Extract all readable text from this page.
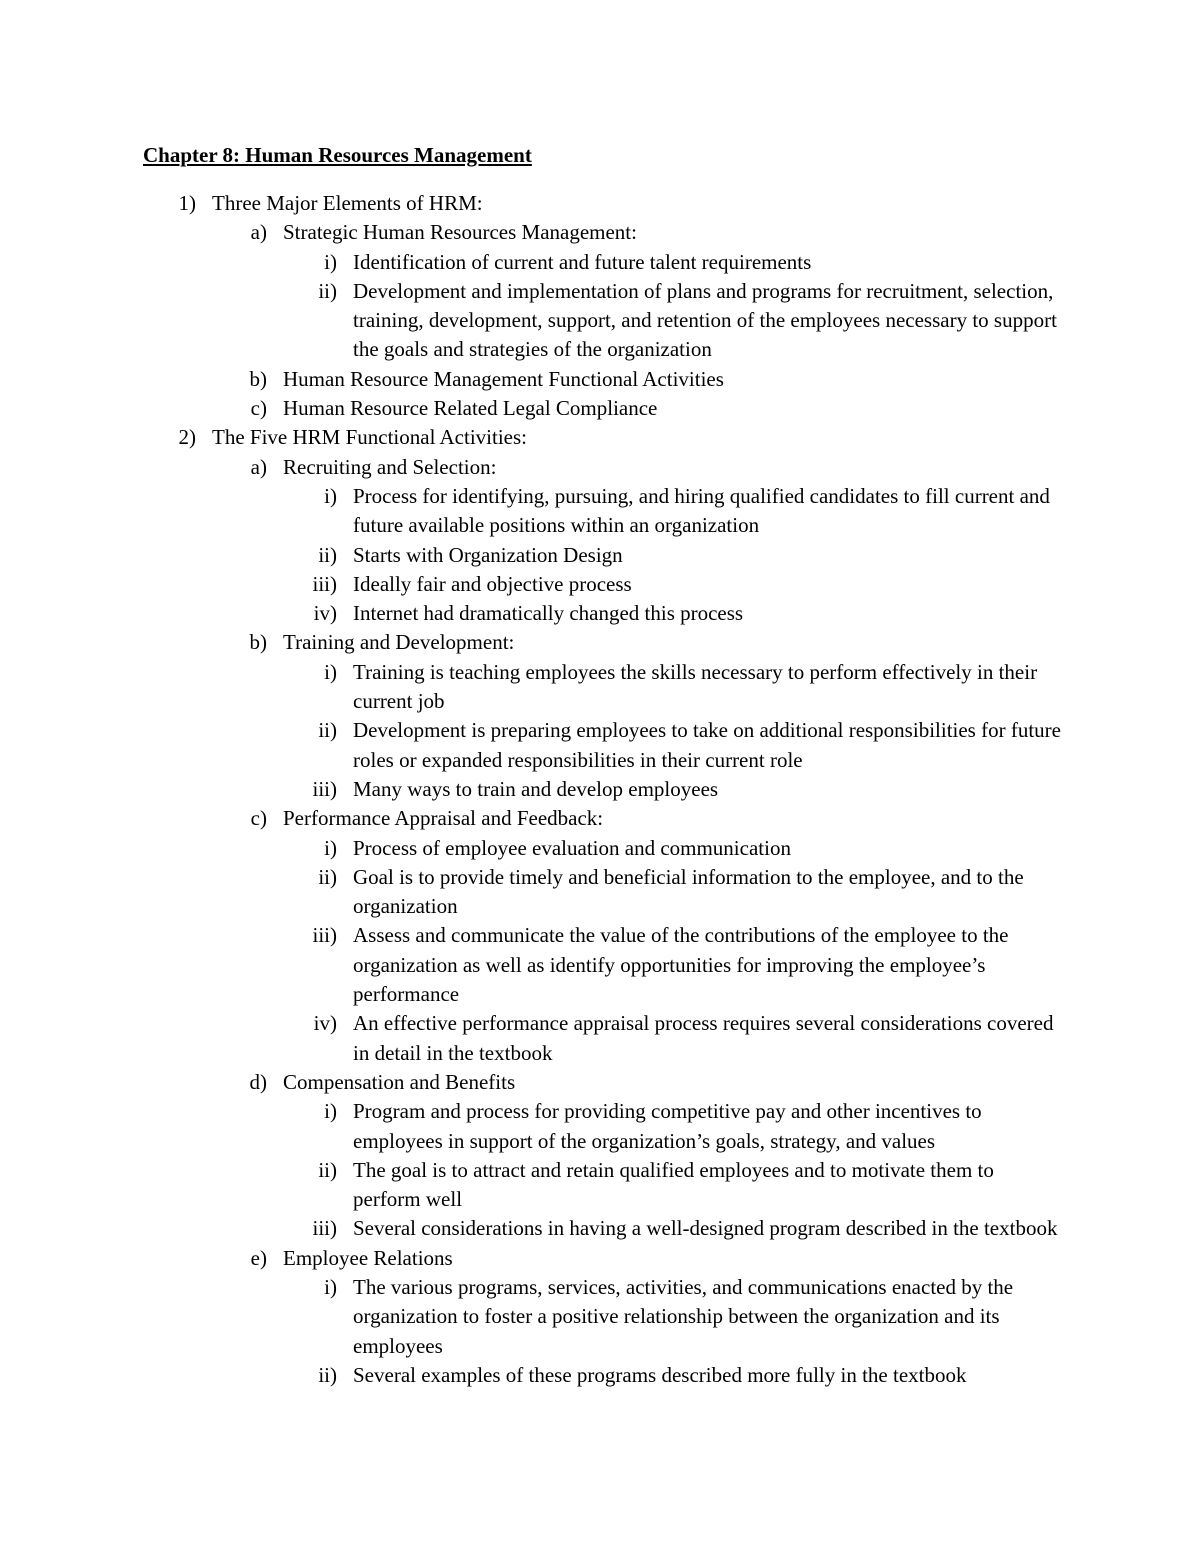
Chapter 8: Human Resources Management
1) Three Major Elements of HRM:
a) Strategic Human Resources Management:
i) Identification of current and future talent requirements
ii) Development and implementation of plans and programs for recruitment, selection, training, development, support, and retention of the employees necessary to support the goals and strategies of the organization
b) Human Resource Management Functional Activities
c) Human Resource Related Legal Compliance
2) The Five HRM Functional Activities:
a) Recruiting and Selection:
i) Process for identifying, pursuing, and hiring qualified candidates to fill current and future available positions within an organization
ii) Starts with Organization Design
iii) Ideally fair and objective process
iv) Internet had dramatically changed this process
b) Training and Development:
i) Training is teaching employees the skills necessary to perform effectively in their current job
ii) Development is preparing employees to take on additional responsibilities for future roles or expanded responsibilities in their current role
iii) Many ways to train and develop employees
c) Performance Appraisal and Feedback:
i) Process of employee evaluation and communication
ii) Goal is to provide timely and beneficial information to the employee, and to the organization
iii) Assess and communicate the value of the contributions of the employee to the organization as well as identify opportunities for improving the employee’s performance
iv) An effective performance appraisal process requires several considerations covered in detail in the textbook
d) Compensation and Benefits
i) Program and process for providing competitive pay and other incentives to employees in support of the organization’s goals, strategy, and values
ii) The goal is to attract and retain qualified employees and to motivate them to perform well
iii) Several considerations in having a well-designed program described in the textbook
e) Employee Relations
i) The various programs, services, activities, and communications enacted by the organization to foster a positive relationship between the organization and its employees
ii) Several examples of these programs described more fully in the textbook
